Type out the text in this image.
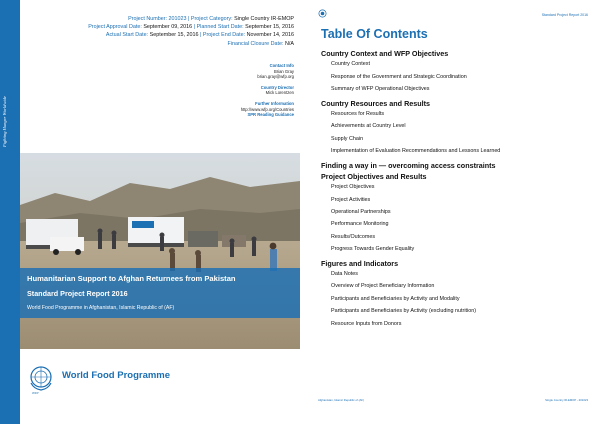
Fighting Hunger Worldwide
Project Number: 201023 | Project Category: Single Country IR-EMOP
Project Approval Date: September 09, 2016 | Planned Start Date: September 15, 2016
Actual Start Date: September 15, 2016 | Project End Date: November 14, 2016
Financial Closure Date: N/A
Contact Info
Brian Gray
brian.gray@wfp.org
Country Director
Mick Lorentzen
Further Information
http://www.wfp.org/Countries
SPR Reading Guidance
Humanitarian Support to Afghan Returnees from Pakistan
Standard Project Report 2016
World Food Programme in Afghanistan, Islamic Republic of (AF)
World Food Programme
WFP
Standard Project Report 2016
Table Of Contents
Country Context and WFP Objectives
Country Context
Response of the Government and Strategic Coordination
Summary of WFP Operational Objectives
Country Resources and Results
Resources for Results
Achievements at Country Level
Supply Chain
Implementation of Evaluation Recommendations and Lessons Learned
Finding a way in — overcoming access constraints
Project Objectives and Results
Project Objectives
Project Activities
Operational Partnerships
Performance Monitoring
Results/Outcomes
Progress Towards Gender Equality
Figures and Indicators
Data Notes
Overview of Project Beneficiary Information
Participants and Beneficiaries by Activity and Modality
Participants and Beneficiaries by Activity (excluding nutrition)
Resource Inputs from Donors
Afghanistan, Islamic Republic of (AF)	Single Country IR-EMOP - 201023
